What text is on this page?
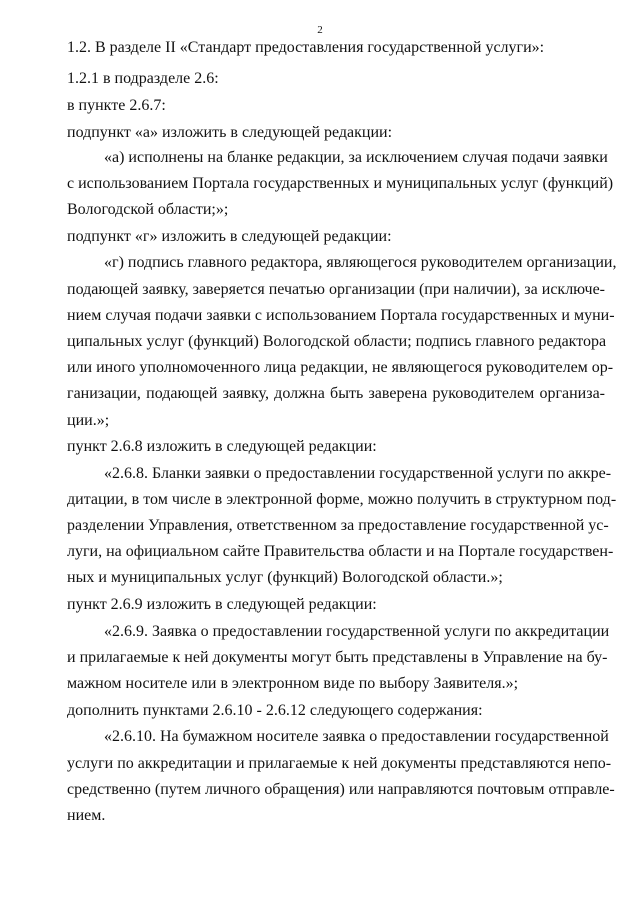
2
1.2. В разделе II «Стандарт предоставления государственной услуги»:
1.2.1 в подразделе 2.6:
в пункте 2.6.7:
подпункт «а» изложить в следующей редакции:
«а) исполнены на бланке редакции, за исключением случая подачи заявки
с использованием Портала государственных и муниципальных услуг (функций)
Вологодской области;»;
подпункт «г» изложить в следующей редакции:
«г) подпись главного редактора, являющегося руководителем организации,
подающей заявку, заверяется печатью организации (при наличии), за исключе-
нием случая подачи заявки с использованием Портала государственных и муни-
ципальных услуг (функций) Вологодской области; подпись главного редактора
или иного уполномоченного лица редакции, не являющегося руководителем ор-
ганизации, подающей заявку, должна быть заверена руководителем организа-
ции.»;
пункт 2.6.8 изложить в следующей редакции:
«2.6.8. Бланки заявки о предоставлении государственной услуги по аккре-
дитации, в том числе в электронной форме, можно получить в структурном под-
разделении Управления, ответственном за предоставление государственной ус-
луги, на официальном сайте Правительства области и на Портале государствен-
ных и муниципальных услуг (функций) Вологодской области.»;
пункт 2.6.9 изложить в следующей редакции:
«2.6.9. Заявка о предоставлении государственной услуги по аккредитации
и прилагаемые к ней документы могут быть представлены в Управление на бу-
мажном носителе или в электронном виде по выбору Заявителя.»;
дополнить пунктами 2.6.10 - 2.6.12 следующего содержания:
«2.6.10. На бумажном носителе заявка о предоставлении государственной
услуги по аккредитации и прилагаемые к ней документы представляются непо-
средственно (путем личного обращения) или направляются почтовым отправле-
нием.
